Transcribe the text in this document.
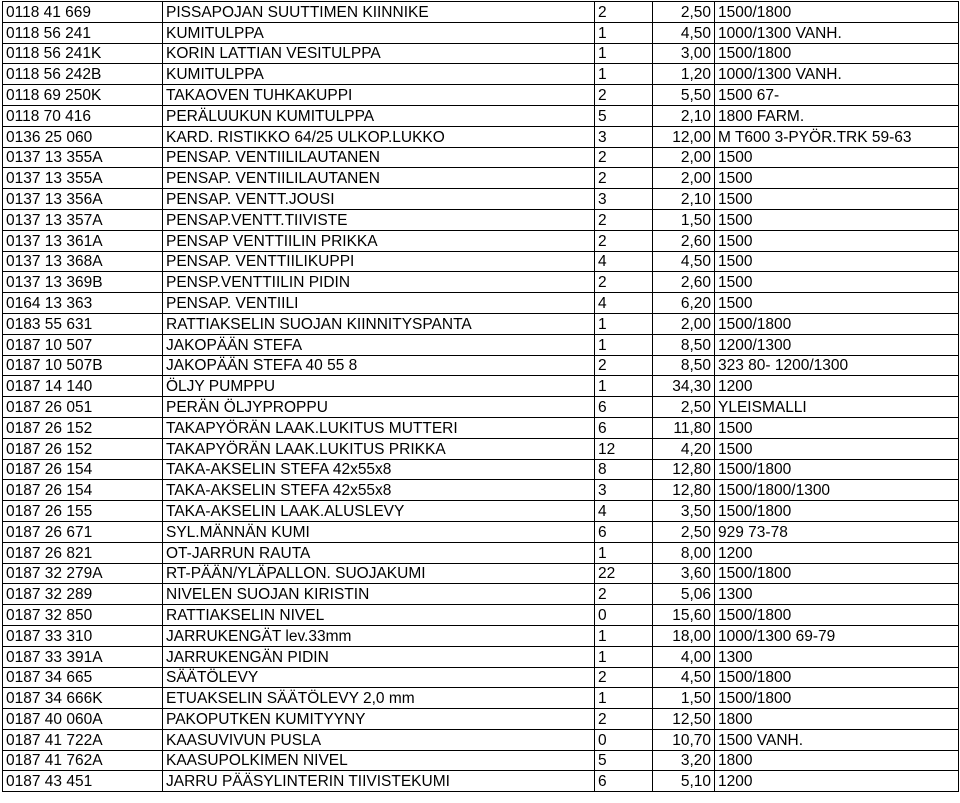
0118 41 669	PISSAPOJAN SUUTTIMEN KIINNIKE	2	2,50	1500/1800
0118 56 241	KUMITULPPA	1	4,50	1000/1300 VANH.
0118 56 241K	KORIN LATTIAN VESITULPPA	1	3,00	1500/1800
0118 56 242B	KUMITULPPA	1	1,20	1000/1300 VANH.
0118 69 250K	TAKAOVEN TUHKAKUPPI	2	5,50	1500 67-
0118 70 416	PERÄLUUKUN KUMITULPPA	5	2,10	1800 FARM.
0136 25 060	KARD. RISTIKKO 64/25 ULKOP.LUKKO	3	12,00	M T600 3-PYÖR.TRK 59-63
0137 13 355A	PENSAP. VENTIILILAUTANEN	2	2,00	1500
0137 13 355A	PENSAP. VENTIILILAUTANEN	2	2,00	1500
0137 13 356A	PENSAP. VENTT.JOUSI	3	2,10	1500
0137 13 357A	PENSAP.VENTT.TIIVISTE	2	1,50	1500
0137 13 361A	PENSAP VENTTIILIN PRIKKA	2	2,60	1500
0137 13 368A	PENSAP. VENTTIILIKUPPI	4	4,50	1500
0137 13 369B	PENSP.VENTTIILIN PIDIN	2	2,60	1500
0164 13 363	PENSAP. VENTIILI	4	6,20	1500
0183 55 631	RATTIAKSELIN SUOJAN KIINNITYSPANTA	1	2,00	1500/1800
0187 10 507	JAKOPÄÄN STEFA	1	8,50	1200/1300
0187 10 507B	JAKOPÄÄN STEFA 40 55 8	2	8,50	323 80- 1200/1300
0187 14 140	ÖLJY PUMPPU	1	34,30	1200
0187 26 051	PERÄN ÖLJYPROPPU	6	2,50	YLEISMALLI
0187 26 152	TAKAPYÖRÄN LAAK.LUKITUS MUTTERI	6	11,80	1500
0187 26 152	TAKAPYÖRÄN LAAK.LUKITUS PRIKKA	12	4,20	1500
0187 26 154	TAKA-AKSELIN STEFA 42x55x8	8	12,80	1500/1800
0187 26 154	TAKA-AKSELIN STEFA 42x55x8	3	12,80	1500/1800/1300
0187 26 155	TAKA-AKSELIN LAAK.ALUSLEVY	4	3,50	1500/1800
0187 26 671	SYL.MÄNNÄN KUMI	6	2,50	929 73-78
0187 26 821	OT-JARRUN RAUTA	1	8,00	1200
0187 32 279A	RT-PÄÄN/YLÄPALLON. SUOJAKUMI	22	3,60	1500/1800
0187 32 289	NIVELEN SUOJAN KIRISTIN	2	5,06	1300
0187 32 850	RATTIAKSELIN NIVEL	0	15,60	1500/1800
0187 33 310	JARRUKENGÄT lev.33mm	1	18,00	1000/1300 69-79
0187 33 391A	JARRUKENGÄN PIDIN	1	4,00	1300
0187 34 665	SÄÄTÖLEVY	2	4,50	1500/1800
0187 34 666K	ETUAKSELIN SÄÄTÖLEVY 2,0 mm	1	1,50	1500/1800
0187 40 060A	PAKOPUTKEN KUMITYYNY	2	12,50	1800
0187 41 722A	KAASUVIVUN PUSLA	0	10,70	1500 VANH.
0187 41 762A	KAASUPOLKIMEN NIVEL	5	3,20	1800
0187 43 451	JARRU PÄÄSYLINTERIN TIIVISTEKUMI	6	5,10	1200
